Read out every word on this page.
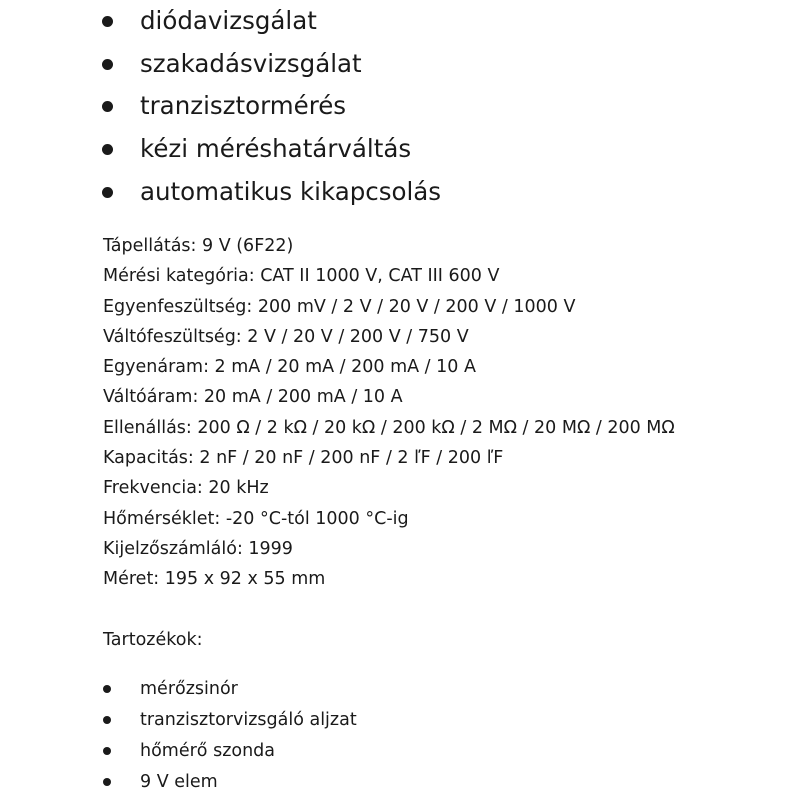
diódavizsgálat
szakadásvizsgálat
tranzisztormérés
kézi méréshatárváltás
automatikus kikapcsolás
Tápellátás: 9 V (6F22)
Mérési kategória: CAT II 1000 V, CAT III 600 V
Egyenfeszültség: 200 mV / 2 V / 20 V / 200 V / 1000 V
Váltófeszültség: 2 V / 20 V / 200 V / 750 V
Egyenáram: 2 mA / 20 mA / 200 mA / 10 A
Váltóáram: 20 mA / 200 mA / 10 A
Ellenállás: 200 Ω / 2 kΩ / 20 kΩ / 200 kΩ / 2 MΩ / 20 MΩ / 200 MΩ
Kapacitás: 2 nF / 20 nF / 200 nF / 2 ľF / 200 ľF
Frekvencia: 20 kHz
Hőmérséklet: -20 °C-tól 1000 °C-ig
Kijelzőszámláló: 1999
Méret: 195 x 92 x 55 mm
Tartozékok:
mérőzsinór
tranzisztorvizsgáló aljzat
hőmérő szonda
9 V elem
